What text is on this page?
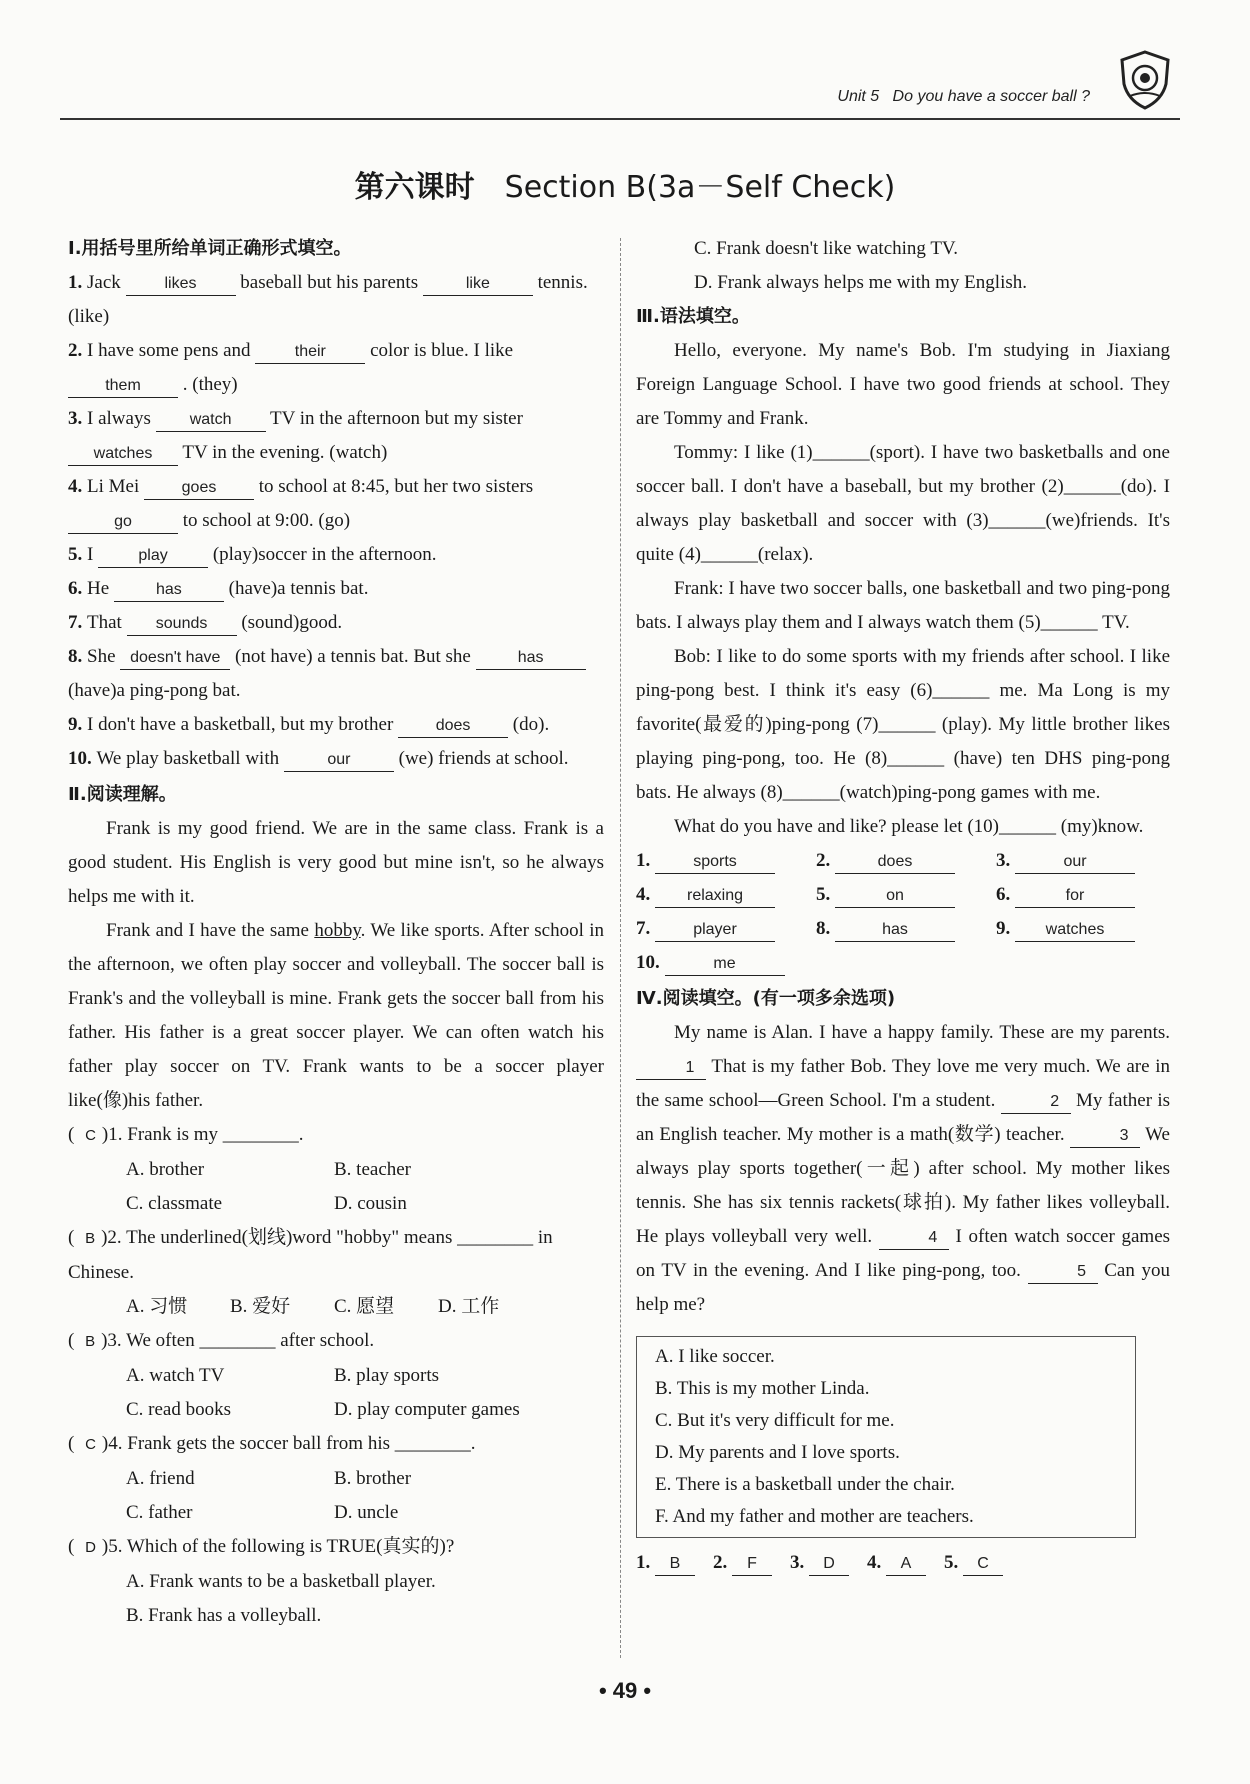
Unit 5 Do you have a soccer ball ?
第六课时 Section B(3a－Self Check)
Ⅰ.用括号里所给单词正确形式填空。

1. Jack likes baseball but his parents	like tennis. (like)

2. I have some pens and their color is blue. I like them . (they)

3. I always watch TV in the afternoon but my sister watches TV in the evening. (watch)

4. Li Mei goes to school at 8:45, but her two sisters go to school at 9:00. (go)

5. I	play (play)soccer in the afternoon.

6. He	has (have)a tennis bat.

7. That sounds (sound)good.

8. She doesn't have (not have) a tennis bat. But she	has (have)a ping-pong bat.

9. I don't have a basketball, but my brother does (do).

10. We play basketball with	our (we) friends at school.

Ⅱ.阅读理解。

Frank is my good friend. We are in the same class. Frank is a good student. His English is very good but mine isn't, so he always helps me with it.

Frank and I have the same hobby. We like sports. After school in the afternoon, we often play soccer and volleyball. The soccer ball is Frank's and the volleyball is mine. Frank gets the soccer ball from his father. His father is a great soccer player. We can often watch his father play soccer on TV. Frank wants to be a soccer player like(像)his father.

( C )1. Frank is my ________.

A. brother	B. teacher
C. classmate	D. cousin

( B )2. The underlined(划线)word "hobby" means ________ in Chinese.

A. 习惯	B. 爱好	C. 愿望	D. 工作

( B )3. We often ________ after school.

A. watch TV	B. play sports
C. read books	D. play computer games

( C )4. Frank gets the soccer ball from his ________.

A. friend	B. brother
C. father	D. uncle

( D )5. Which of the following is TRUE(真实的)?

A. Frank wants to be a basketball player.
B. Frank has a volleyball.
C. Frank doesn't like watching TV.
D. Frank always helps me with my English.
Ⅲ.语法填空。

Hello, everyone. My name's Bob. I'm studying in Jiaxiang Foreign Language School. I have two good friends at school. They are Tommy and Frank.

Tommy: I like (1)______(sport). I have two basketballs and one soccer ball. I don't have a baseball, but my brother (2)______(do). I always play basketball and soccer with (3)______(we)friends. It's quite (4)______(relax).

Frank: I have two soccer balls, one basketball and two ping-pong bats. I always play them and I always watch them (5)______ TV.

Bob: I like to do some sports with my friends after school. I like ping-pong best. I think it's easy (6)______ me. Ma Long is my favorite(最爱的)ping-pong (7)______ (play). My little brother likes playing ping-pong, too. He (8)______ (have) ten DHS ping-pong bats. He always (8)______(watch)ping-pong games with me.

What do you have and like? please let (10)______ (my)know.

1. sports	2.	does	3.	our
4. relaxing	5.	on	6.	for
7. player	8.	has	9. watches
10.	me
Ⅳ.阅读填空。(有一项多余选项)

My name is Alan. I have a happy family. These are my parents. 1 That is my father Bob. They love me very much. We are in the same school—Green School. I'm a student.	2 My father is an English teacher. My mother is a math(数学) teacher.	3 We always play sports together(一起) after school. My mother likes tennis. She has six tennis rackets(球拍). My father likes volleyball. He plays volleyball very well.	4 I often watch soccer games on TV in the evening. And I like ping-pong, too.	5 Can you help me?

A. I like soccer.

B. This is my mother Linda.

C. But it's very difficult for me.

D. My parents and I love sports.

E. There is a basketball under the chair.

F. And my father and mother are teachers.

1. B	2. F	3. D	4. A	5. C
• 49 •
